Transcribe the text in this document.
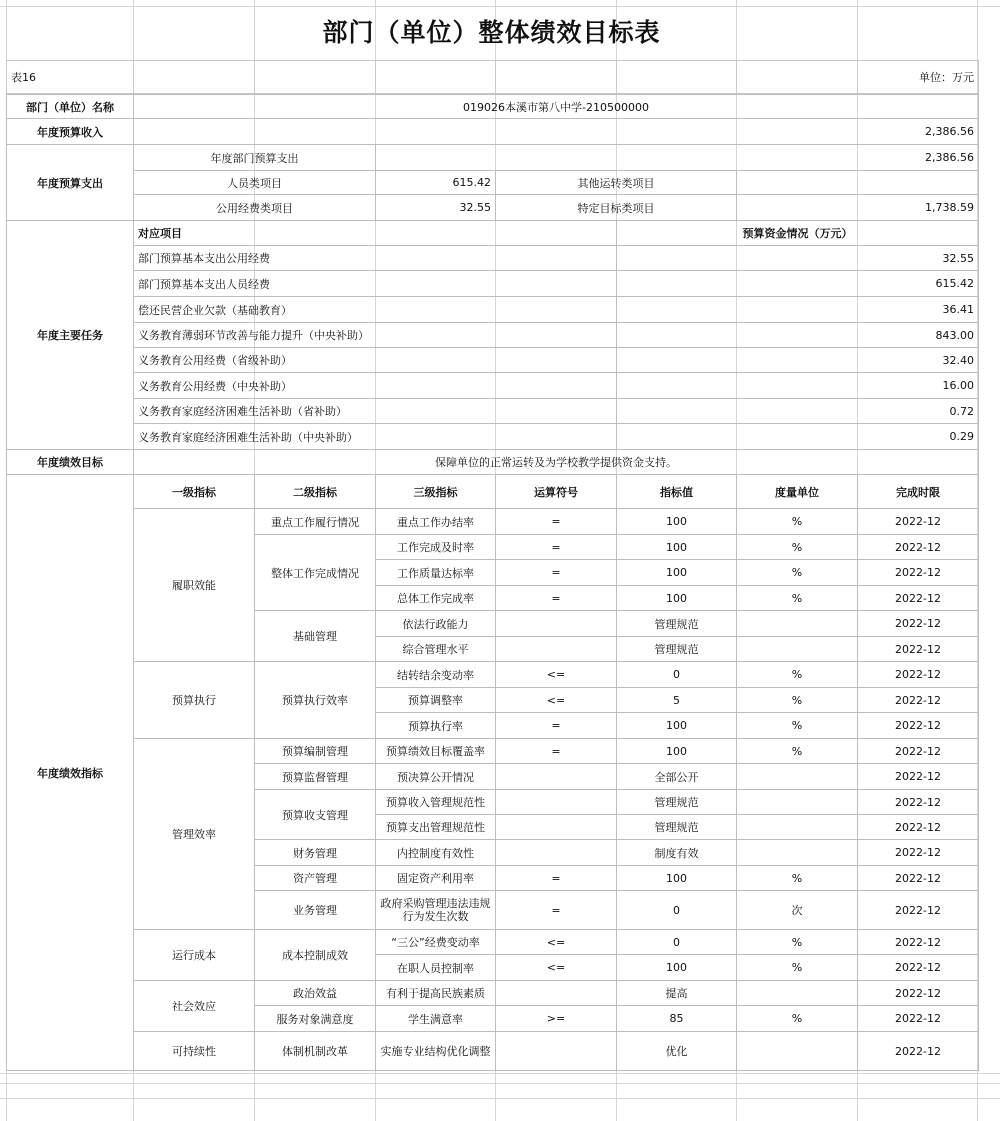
部门（单位）整体绩效目标表
表16							单位：万元
部门（单位）名称	019026本溪市第八中学-210500000						
年度预算收入	2,386.56						
年度预算支出	年度部门预算支出		2,386.56				
	人员类项目		615.42	其他运转类项目			
	公用经费类项目		32.55	特定目标类项目		1,738.59	
年度主要任务	对应项目				预算资金情况（万元）		
	部门预算基本支出公用经费				32.55		
	部门预算基本支出人员经费				615.42		
	偿还民营企业欠款（基础教育）				36.41		
	义务教育薄弱环节改善与能力提升（中央补助）				843.00		
	义务教育公用经费（省级补助）				32.40		
	义务教育公用经费（中央补助）				16.00		
	义务教育家庭经济困难生活补助（省补助）				0.72		
	义务教育家庭经济困难生活补助（中央补助）				0.29		
年度绩效目标	保障单位的正常运转及为学校教学提供资金支持。						
年度绩效指标	一级指标	二级指标	三级指标	运算符号	指标值	度量单位	完成时限
	履职效能	重点工作履行情况	重点工作办结率	=	100	%	2022-12
		整体工作完成情况	工作完成及时率	=	100	%	2022-12
			工作质量达标率	=	100	%	2022-12
			总体工作完成率	=	100	%	2022-12
		基础管理	依法行政能力		管理规范		2022-12
			综合管理水平		管理规范		2022-12
	预算执行	预算执行效率	结转结余变动率	<=	0	%	2022-12
			预算调整率	<=	5	%	2022-12
			预算执行率	=	100	%	2022-12
	管理效率	预算编制管理	预算绩效目标覆盖率	=	100	%	2022-12
		预算监督管理	预决算公开情况		全部公开		2022-12
		预算收支管理	预算收入管理规范性		管理规范		2022-12
			预算支出管理规范性		管理规范		2022-12
		财务管理	内控制度有效性		制度有效		2022-12
		资产管理	固定资产利用率	=	100	%	2022-12
		业务管理	政府采购管理违法违规行为发生次数	=	0	次	2022-12
	运行成本	成本控制成效	“三公”经费变动率	<=	0	%	2022-12
			在职人员控制率	<=	100	%	2022-12
	社会效应	政治效益	有利于提高民族素质		提高		2022-12
		服务对象满意度	学生满意率	>=	85	%	2022-12
	可持续性	体制机制改革	实施专业结构优化调整		优化		2022-12
